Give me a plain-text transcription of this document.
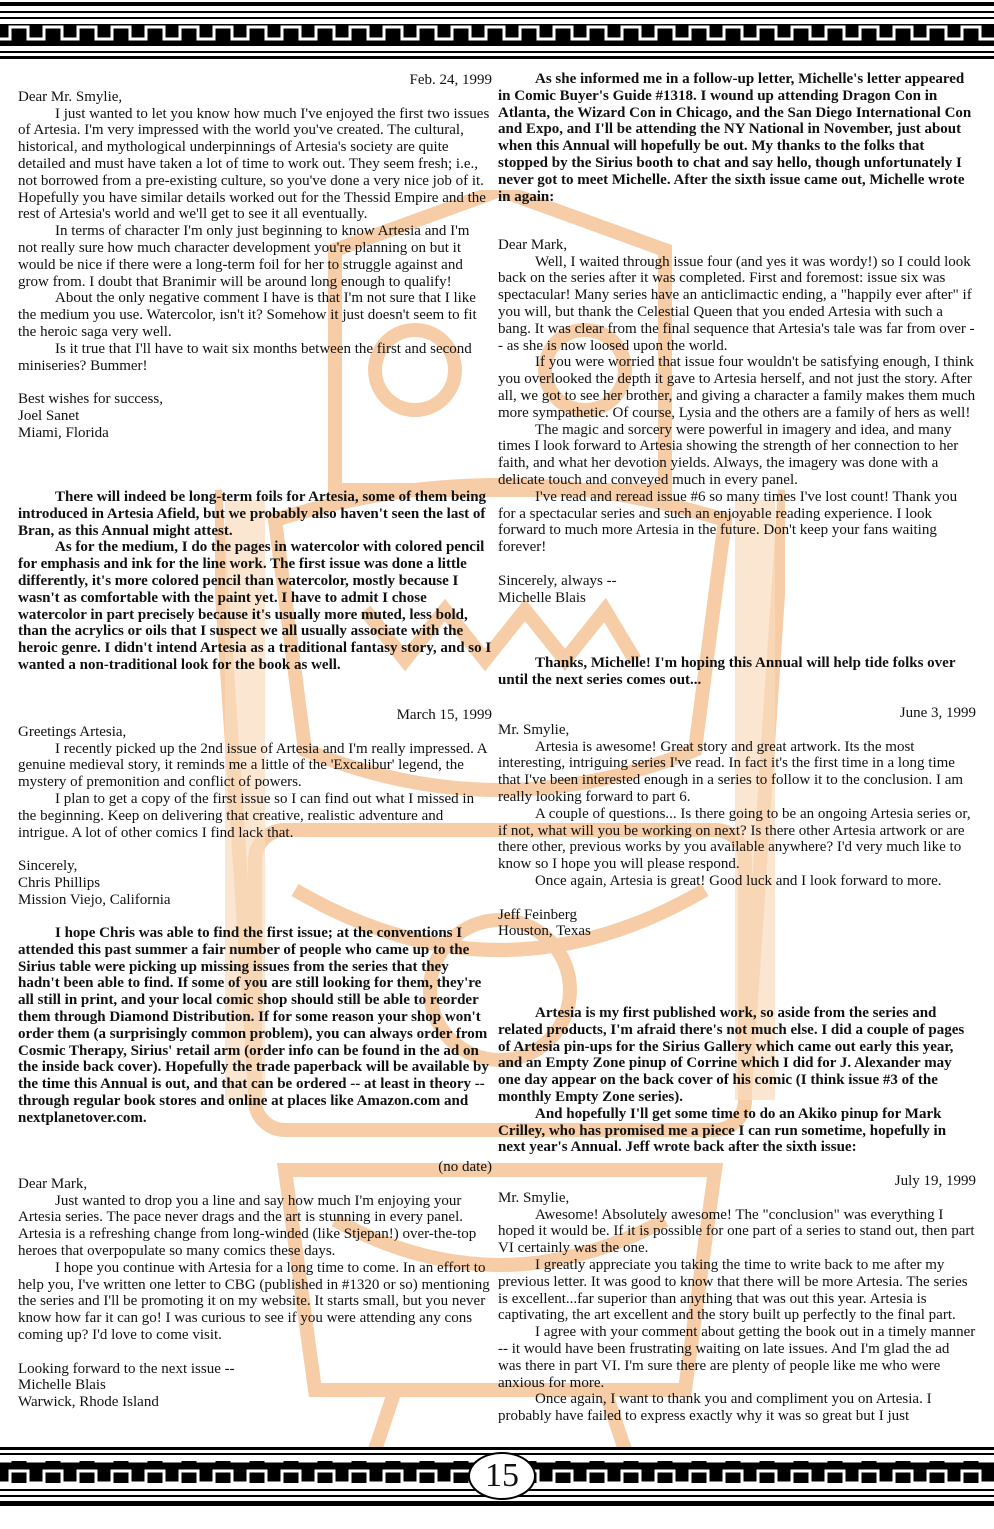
Feb. 24, 1999

Dear Mr. Smylie,

I just wanted to let you know how much I've enjoyed the first two issues of Artesia. I'm very impressed with the world you've created. The cultural, historical, and mythological underpinnings of Artesia's society are quite detailed and must have taken a lot of time to work out. They seem fresh; i.e., not borrowed from a pre-existing culture, so you've done a very nice job of it. Hopefully you have similar details worked out for the Thessid Empire and the rest of Artesia's world and we'll get to see it all eventually.

In terms of character I'm only just beginning to know Artesia and I'm not really sure how much character development you're planning on but it would be nice if there were a long-term foil for her to struggle against and grow from. I doubt that Branimir will be around long enough to qualify!

About the only negative comment I have is that I'm not sure that I like the medium you use. Watercolor, isn't it? Somehow it just doesn't seem to fit the heroic saga very well.

Is it true that I'll have to wait six months between the first and second miniseries? Bummer!

Best wishes for success,

Joel Sanet

Miami, Florida

There will indeed be long-term foils for Artesia, some of them being introduced in Artesia Afield, but we probably also haven't seen the last of Bran, as this Annual might attest.

As for the medium, I do the pages in watercolor with colored pencil for emphasis and ink for the line work. The first issue was done a little differently, it's more colored pencil than watercolor, mostly because I wasn't as comfortable with the paint yet. I have to admit I chose watercolor in part precisely because it's usually more muted, less bold, than the acrylics or oils that I suspect we all usually associate with the heroic genre. I didn't intend Artesia as a traditional fantasy story, and so I wanted a non-traditional look for the book as well.

March 15, 1999

Greetings Artesia,

I recently picked up the 2nd issue of Artesia and I'm really impressed. A genuine medieval story, it reminds me a little of the 'Excalibur' legend, the mystery of premonition and conflict of powers.

I plan to get a copy of the first issue so I can find out what I missed in the beginning. Keep on delivering that creative, realistic adventure and intrigue. A lot of other comics I find lack that.

Sincerely,

Chris Phillips

Mission Viejo, California

I hope Chris was able to find the first issue; at the conventions I attended this past summer a fair number of people who came up to the Sirius table were picking up missing issues from the series that they hadn't been able to find. If some of you are still looking for them, they're all still in print, and your local comic shop should still be able to reorder them through Diamond Distribution. If for some reason your shop won't order them (a surprisingly common problem), you can always order from Cosmic Therapy, Sirius' retail arm (order info can be found in the ad on the inside back cover). Hopefully the trade paperback will be available by the time this Annual is out, and that can be ordered -- at least in theory -- through regular book stores and online at places like Amazon.com and nextplanetover.com.

(no date)

Dear Mark,

Just wanted to drop you a line and say how much I'm enjoying your Artesia series. The pace never drags and the art is stunning in every panel. Artesia is a refreshing change from long-winded (like Stjepan!) over-the-top heroes that overpopulate so many comics these days.

I hope you continue with Artesia for a long time to come. In an effort to help you, I've written one letter to CBG (published in #1320 or so) mentioning the series and I'll be promoting it on my website. It starts small, but you never know how far it can go! I was curious to see if you were attending any cons coming up? I'd love to come visit.

Looking forward to the next issue --

Michelle Blais

Warwick, Rhode Island

As she informed me in a follow-up letter, Michelle's letter appeared in Comic Buyer's Guide #1318. I wound up attending Dragon Con in Atlanta, the Wizard Con in Chicago, and the San Diego International Con and Expo, and I'll be attending the NY National in November, just about when this Annual will hopefully be out. My thanks to the folks that stopped by the Sirius booth to chat and say hello, though unfortunately I never got to meet Michelle. After the sixth issue came out, Michelle wrote in again:

Dear Mark,

Well, I waited through issue four (and yes it was wordy!) so I could look back on the series after it was completed. First and foremost: issue six was spectacular! Many series have an anticlimactic ending, a "happily ever after" if you will, but thank the Celestial Queen that you ended Artesia with such a bang. It was clear from the final sequence that Artesia's tale was far from over -- as she is now loosed upon the world.

If you were worried that issue four wouldn't be satisfying enough, I think you overlooked the depth it gave to Artesia herself, and not just the story. After all, we got to see her brother, and giving a character a family makes them much more sympathetic. Of course, Lysia and the others are a family of hers as well!

The magic and sorcery were powerful in imagery and idea, and many times I look forward to Artesia showing the strength of her connection to her faith, and what her devotion yields. Always, the imagery was done with a delicate touch and conveyed much in every panel.

I've read and reread issue #6 so many times I've lost count! Thank you for a spectacular series and such an enjoyable reading experience. I look forward to much more Artesia in the future. Don't keep your fans waiting forever!

Sincerely, always --

Michelle Blais

Thanks, Michelle! I'm hoping this Annual will help tide folks over until the next series comes out...

June 3, 1999

Mr. Smylie,

Artesia is awesome! Great story and great artwork. Its the most interesting, intriguing series I've read. In fact it's the first time in a long time that I've been interested enough in a series to follow it to the conclusion. I am really looking forward to part 6.

A couple of questions... Is there going to be an ongoing Artesia series or, if not, what will you be working on next? Is there other Artesia artwork or are there other, previous works by you available anywhere? I'd very much like to know so I hope you will please respond.

Once again, Artesia is great! Good luck and I look forward to more.

Jeff Feinberg

Houston, Texas

Artesia is my first published work, so aside from the series and related products, I'm afraid there's not much else. I did a couple of pages of Artesia pin-ups for the Sirius Gallery which came out early this year, and an Empty Zone pinup of Corrine which I did for J. Alexander may one day appear on the back cover of his comic (I think issue #3 of the monthly Empty Zone series).

And hopefully I'll get some time to do an Akiko pinup for Mark Crilley, who has promised me a piece I can run sometime, hopefully in next year's Annual. Jeff wrote back after the sixth issue:

July 19, 1999

Mr. Smylie,

Awesome! Absolutely awesome! The "conclusion" was everything I hoped it would be. If it is possible for one part of a series to stand out, then part VI certainly was the one.

I greatly appreciate you taking the time to write back to me after my previous letter. It was good to know that there will be more Artesia. The series is excellent...far superior than anything that was out this year. Artesia is captivating, the art excellent and the story built up perfectly to the final part.

I agree with your comment about getting the book out in a timely manner -- it would have been frustrating waiting on late issues. And I'm glad the ad was there in part VI. I'm sure there are plenty of people like me who were anxious for more.

Once again, I want to thank you and compliment you on Artesia. I probably have failed to express exactly why it was so great but I just

15
